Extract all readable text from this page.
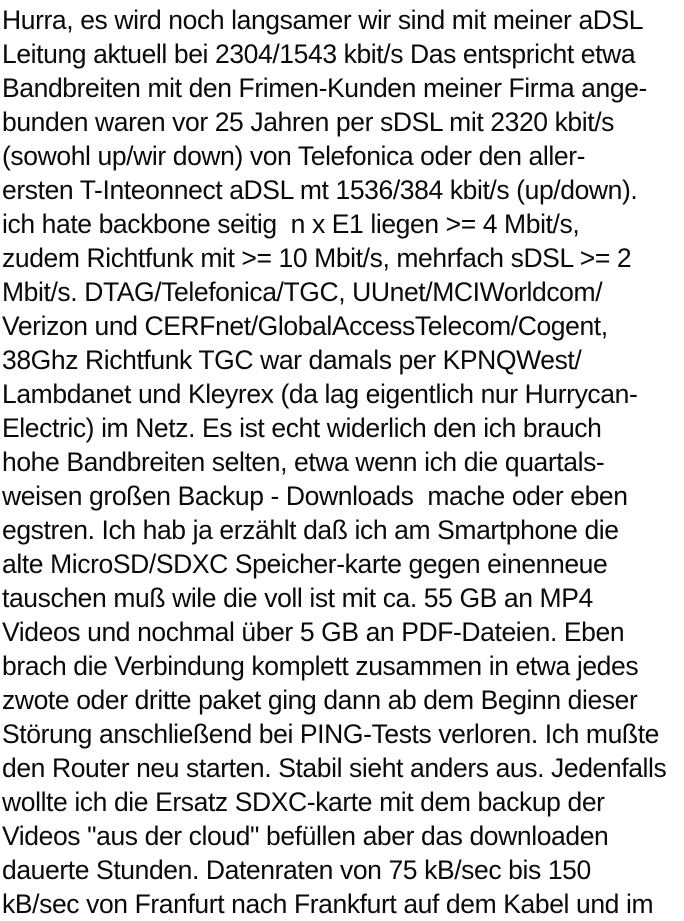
Hurra, es wird noch langsamer wir sind mit meiner aDSL
Leitung aktuell bei 2304/1543 kbit/s Das entspricht etwa
Bandbreiten mit den Frimen-Kunden meiner Firma ange-
bunden waren vor 25 Jahren per sDSL mit 2320 kbit/s
(sowohl up/wir down) von Telefonica oder den aller-
ersten T-Inteonnect aDSL mt 1536/384 kbit/s (up/down).
ich hate backbone seitig  n x E1 liegen >= 4 Mbit/s,
zudem Richtfunk mit >= 10 Mbit/s, mehrfach sDSL >= 2
Mbit/s. DTAG/Telefonica/TGC, UUnet/MCIWorldcom/
Verizon und CERFnet/GlobalAccessTelecom/Cogent,
38Ghz Richtfunk TGC war damals per KPNQWest/
Lambdanet und Kleyrex (da lag eigentlich nur Hurrycan-
Electric) im Netz. Es ist echt widerlich den ich brauch
hohe Bandbreiten selten, etwa wenn ich die quartals-
weisen großen Backup - Downloads  mache oder eben
egstren. Ich hab ja erzählt daß ich am Smartphone die
alte MicroSD/SDXC Speicher-karte gegen einenneue
tauschen muß wile die voll ist mit ca. 55 GB an MP4
Videos und nochmal über 5 GB an PDF-Dateien. Eben
brach die Verbindung komplett zusammen in etwa jedes
zwote oder dritte paket ging dann ab dem Beginn dieser
Störung anschließend bei PING-Tests verloren. Ich mußte
den Router neu starten. Stabil sieht anders aus. Jedenfalls
wollte ich die Ersatz SDXC-karte mit dem backup der
Videos "aus der cloud" befüllen aber das downloaden
dauerte Stunden. Datenraten von 75 kB/sec bis 150
kB/sec von Franfurt nach Frankfurt auf dem Kabel und im
